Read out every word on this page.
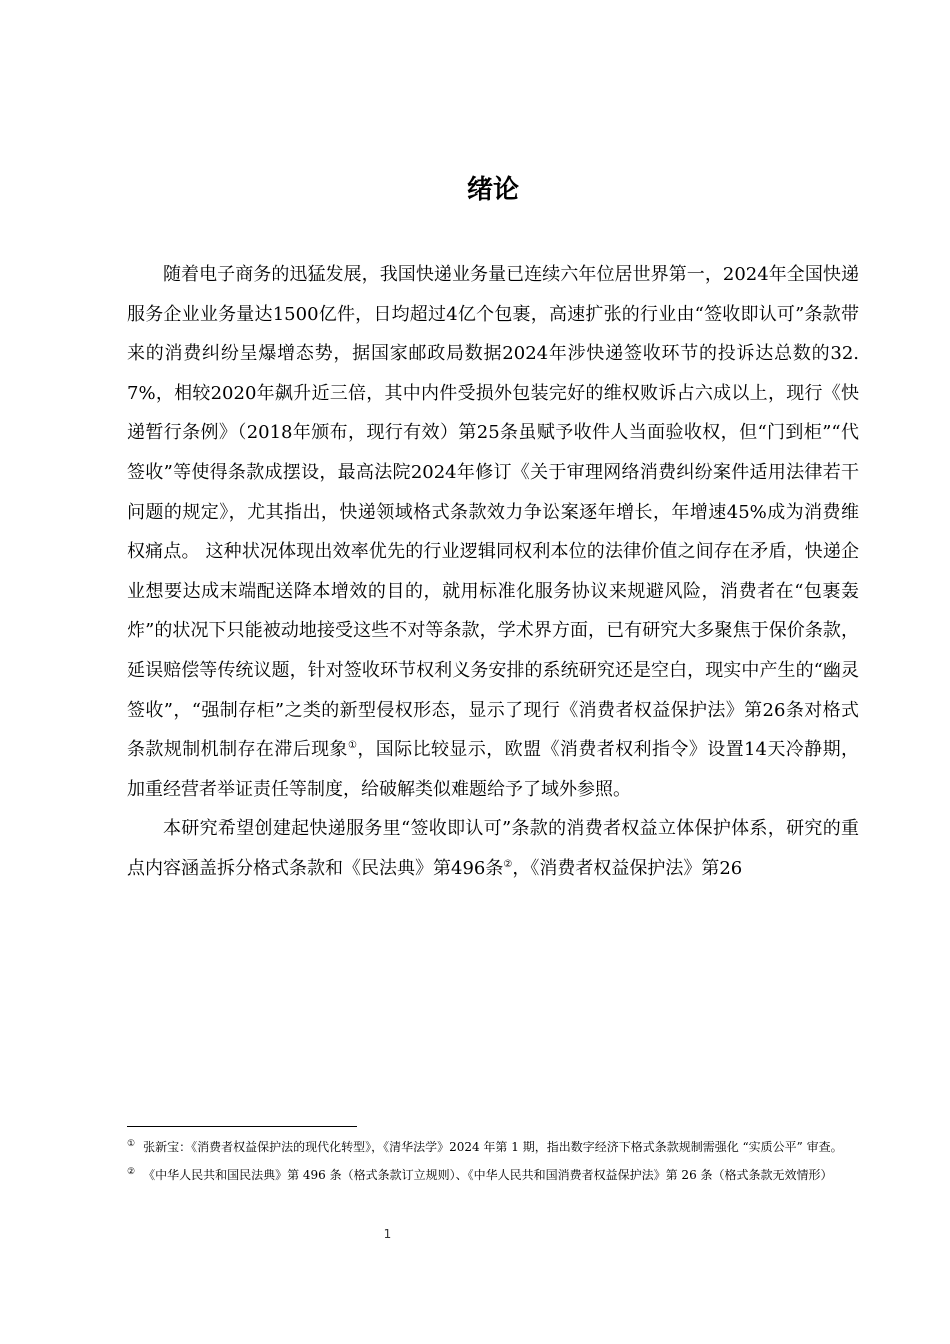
绪论

随着电子商务的迅猛发展，我国快递业务量已连续六年位居世界第一，2024年全国快递服务企业业务量达1500亿件，日均超过4亿个包裹，高速扩张的行业由“签收即认可”条款带来的消费纠纷呈爆增态势，据国家邮政局数据2024年涉快递签收环节的投诉达总数的32.7%，相较2020年飙升近三倍，其中内件受损外包装完好的维权败诉占六成以上，现行《快递暂行条例》（2018年颁布，现行有效）第25条虽赋予收件人当面验收权，但“门到柜”“代签收”等使得条款成摆设，最高法院2024年修订《关于审理网络消费纠纷案件适用法律若干问题的规定》，尤其指出，快递领域格式条款效力争讼案逐年增长，年增速45%成为消费维权痛点。 这种状况体现出效率优先的行业逻辑同权利本位的法律价值之间存在矛盾，快递企业想要达成末端配送降本增效的目的，就用标准化服务协议来规避风险，消费者在“包裹轰炸”的状况下只能被动地接受这些不对等条款，学术界方面，已有研究大多聚焦于保价条款，延误赔偿等传统议题，针对签收环节权利义务安排的系统研究还是空白，现实中产生的“幽灵签收”，“强制存柜”之类的新型侵权形态，显示了现行《消费者权益保护法》第26条对格式条款规制机制存在滞后现象①，国际比较显示，欧盟《消费者权利指令》设置14天冷静期，加重经营者举证责任等制度，给破解类似难题给予了域外参照。

本研究希望创建起快递服务里“签收即认可”条款的消费者权益立体保护体系，研究的重点内容涵盖拆分格式条款和《民法典》第496条②，《消费者权益保护法》第26

① 张新宝：《消费者权益保护法的现代化转型》，《清华法学》2024 年第 1 期，指出数字经济下格式条款规制需强化 “实质公平” 审查。

② 《中华人民共和国民法典》第 496 条（格式条款订立规则）、《中华人民共和国消费者权益保护法》第 26 条（格式条款无效情形）

1
